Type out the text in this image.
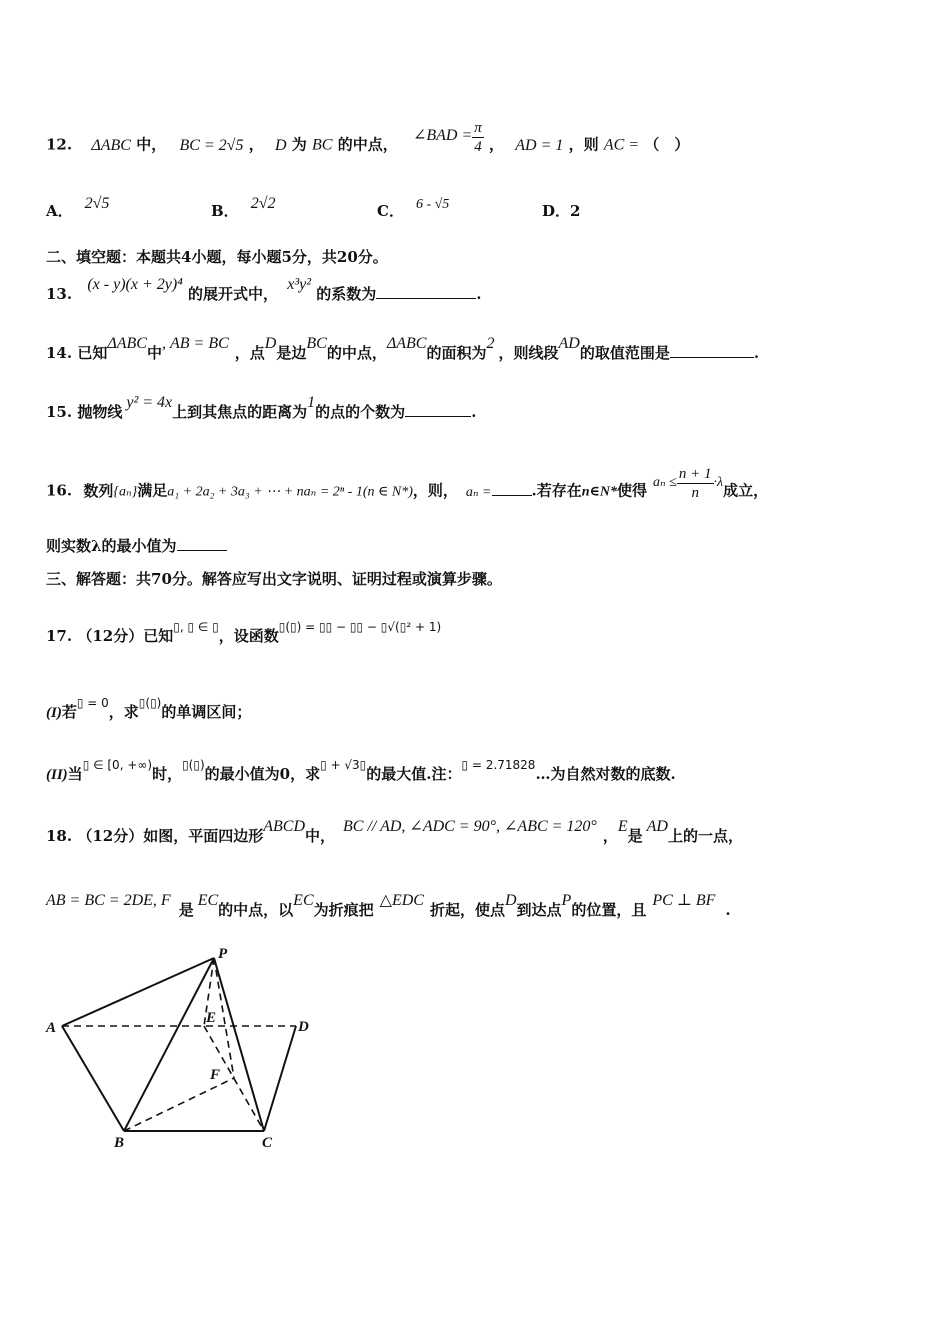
12. ΔABC 中， BC = 2√5 ， D 为 BC 的中点， ∠BAD = $\frac{\pi}{4}$ ， AD = 1 ，则 AC = （　）
A． 2√5	B． 2√2	C． 6 - √5	D．2
二、填空题：本题共4小题，每小题5分，共20分。
13. (x - y)(x + 2y)⁴ 的展开式中， x³y² 的系数为	.
14. 已知ΔABC中, AB = BC，点D是边BC的中点，ΔABC的面积为2，则线段AD的取值范围是	.
15. 抛物线y² = 4x上到其焦点的距离为1的点的个数为	.
16. 数列{aₙ}满足a₁ + 2a₂ + 3a₃ + ⋯ + naₙ = 2ⁿ - 1(n ∈ N*)，则， aₙ =	.若存在n∈N*使得 $a_n \le \frac{n + 1}{n} \cdot\lambda$成立，
则实数λ的最小值为
三、解答题：共70分。解答应写出文字说明、证明过程或演算步骤。
17. （12分）已知▯, ▯ ∈ ▯，设函数$^{▯(▯) = ▯▯ - ▯▯ - ▯√(▯^2 + 1)}$
(I)若$^{▯ = 0}$，求▯(▯)的单调区间；
(II)当$^{▯ \in [0, +\infty)}$时，▯(▯)的最小值为0，求$^{▯ + √3▯}$的最大值.注：$^{▯ = 2.71828}$…为自然对数的底数.
18. （12分）如图，平面四边形ABCD中，BC // AD, ∠ADC = 90°, ∠ABC = 120°，E是AD上的一点，
AB = BC = 2DE, F是EC的中点，以EC为折痕把△EDC折起，使点D到达点P的位置，且PC ⊥ BF.
P
E
D
A
F
B	C
